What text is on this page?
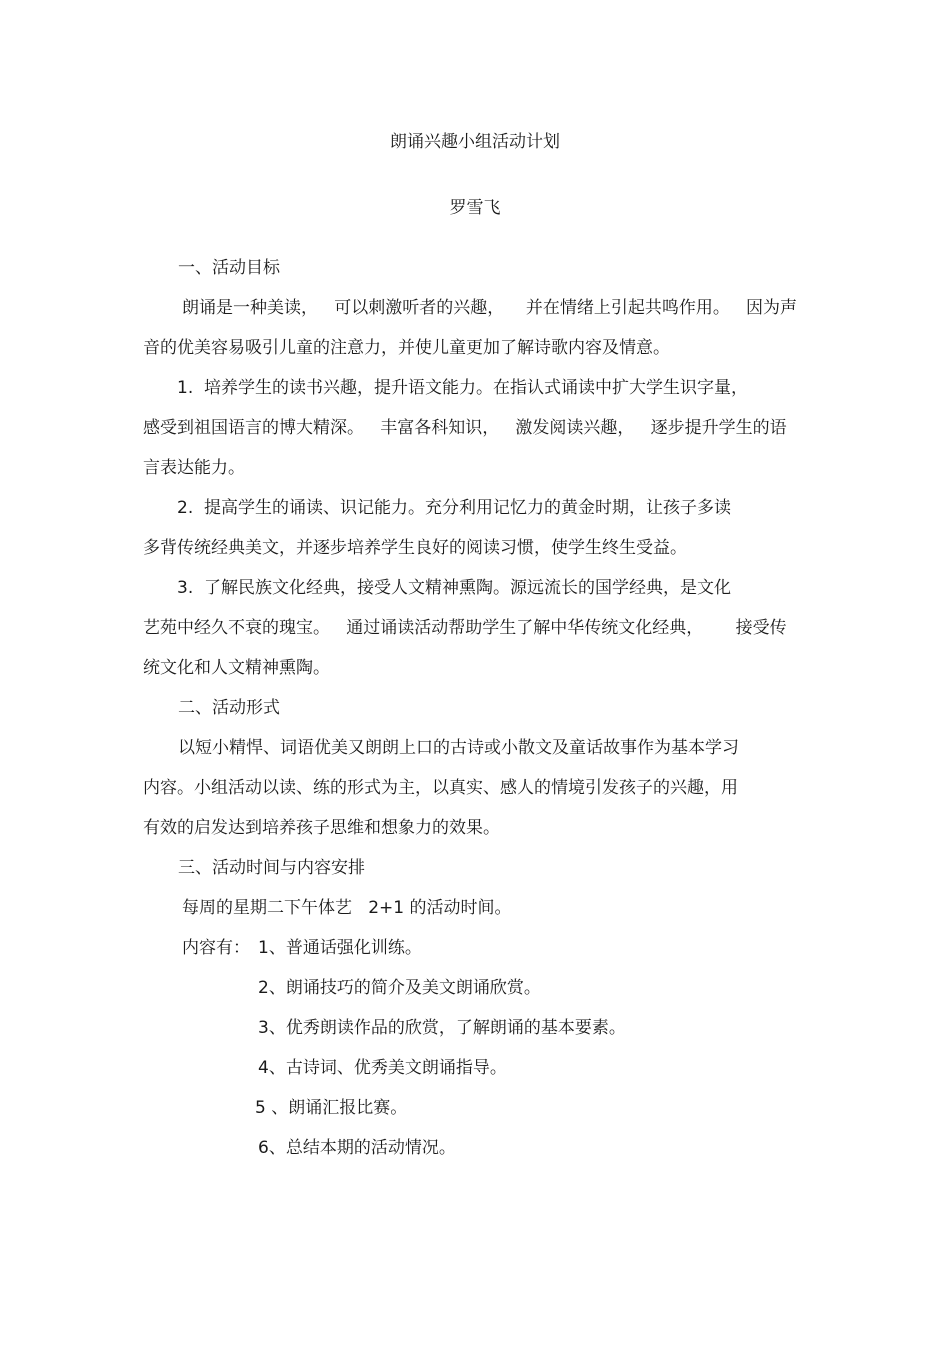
朗诵兴趣小组活动计划
罗雪飞
一、活动目标
朗诵是一种美读，   可以刺激听者的兴趣，    并在情绪上引起共鸣作用。   因为声
音的优美容易吸引儿童的注意力，并使儿童更加了解诗歌内容及情意。
1.  培养学生的读书兴趣，提升语文能力。在指认式诵读中扩大学生识字量，
感受到祖国语言的博大精深。   丰富各科知识，   激发阅读兴趣，   逐步提升学生的语
言表达能力。
2.  提高学生的诵读、识记能力。充分利用记忆力的黄金时期，让孩子多读
多背传统经典美文，并逐步培养学生良好的阅读习惯，使学生终生受益。
3.  了解民族文化经典，接受人文精神熏陶。源远流长的国学经典，是文化
艺苑中经久不衰的瑰宝。   通过诵读活动帮助学生了解中华传统文化经典，      接受传
统文化和人文精神熏陶。
二、活动形式
以短小精悍、词语优美又朗朗上口的古诗或小散文及童话故事作为基本学习
内容。小组活动以读、练的形式为主，以真实、感人的情境引发孩子的兴趣，用
有效的启发达到培养孩子思维和想象力的效果。
三、活动时间与内容安排
每周的星期二下午体艺   2+1 的活动时间。
内容有： 1、普通话强化训练。
2、朗诵技巧的简介及美文朗诵欣赏。
3、优秀朗读作品的欣赏，了解朗诵的基本要素。
4、古诗词、优秀美文朗诵指导。
5 、朗诵汇报比赛。
6、总结本期的活动情况。
